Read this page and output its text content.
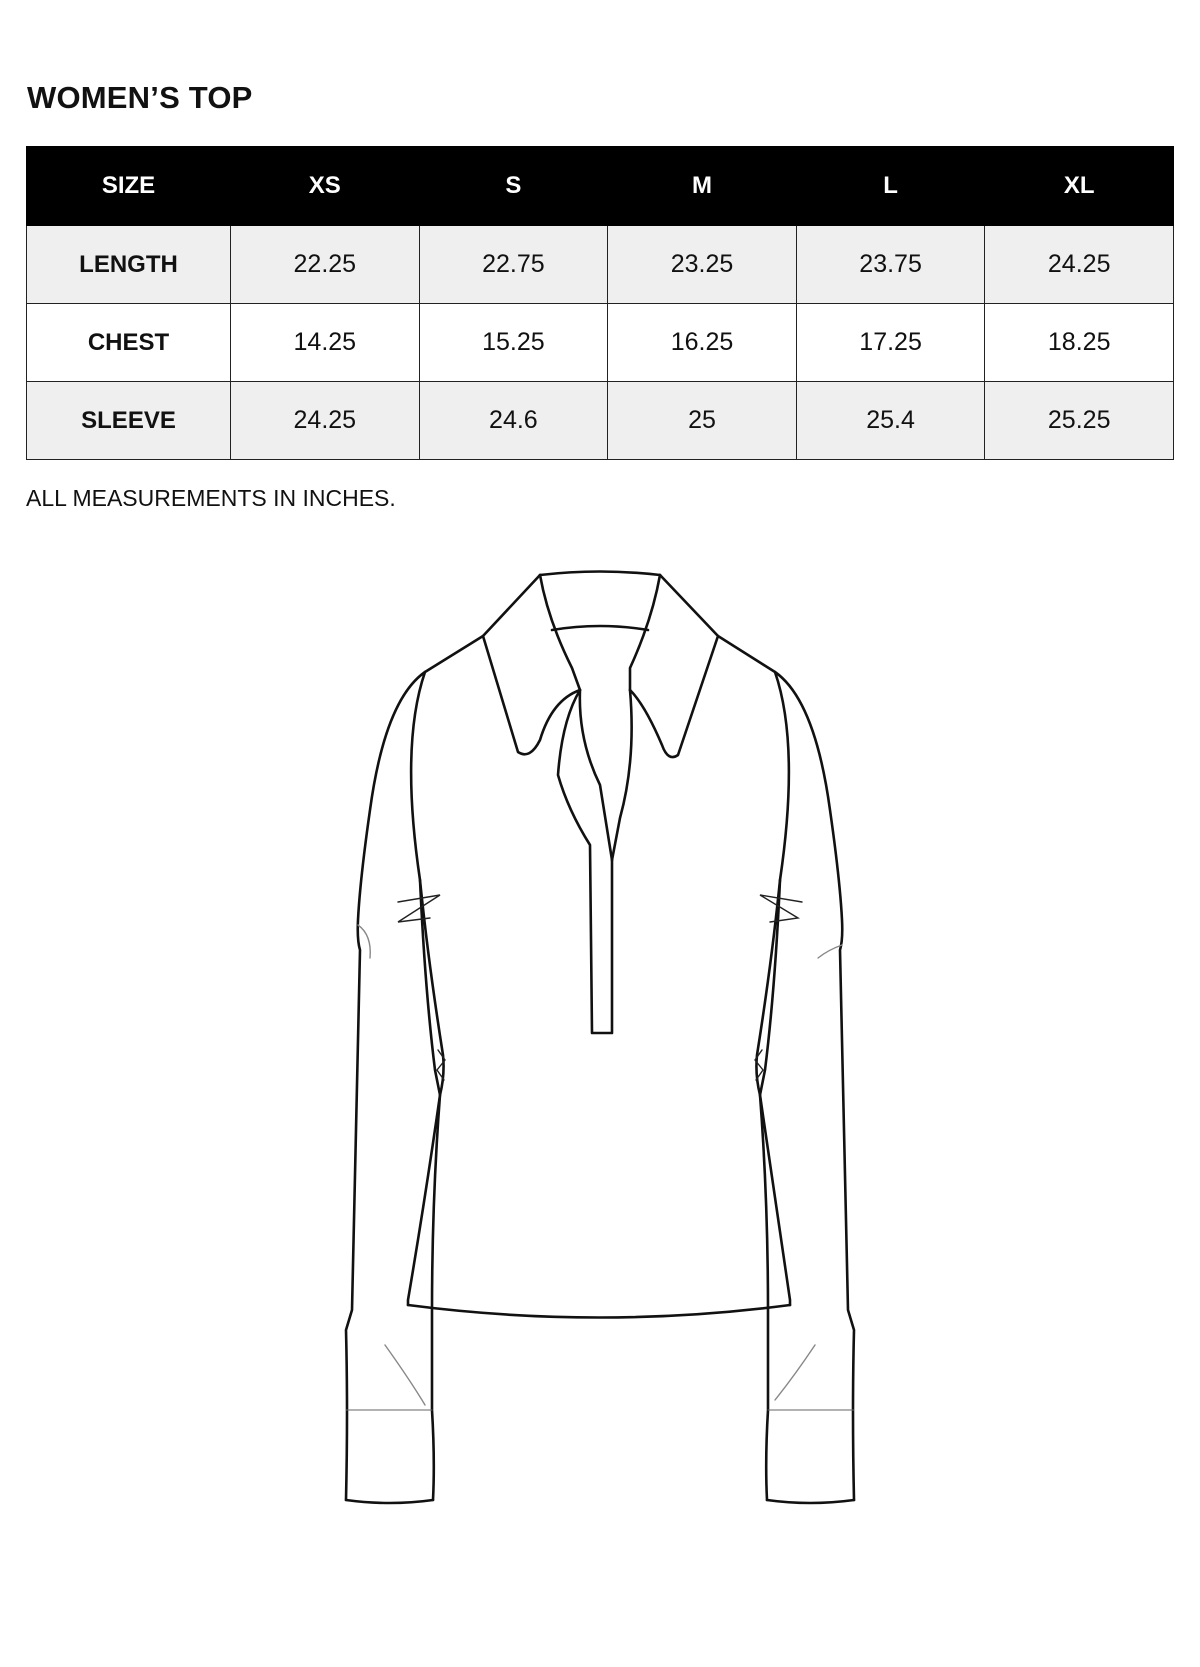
WOMEN’S TOP
SIZE	XS	S	M	L	XL
LENGTH	22.25	22.75	23.25	23.75	24.25
CHEST	14.25	15.25	16.25	17.25	18.25
SLEEVE	24.25	24.6	25	25.4	25.25

ALL MEASUREMENTS IN INCHES.
